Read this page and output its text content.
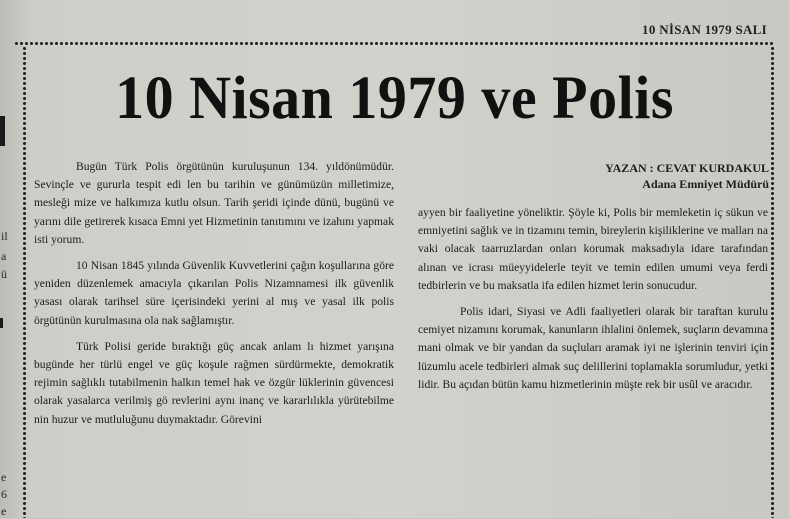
il
a
ü
e
6
e
10 NİSAN 1979 SALI
10 Nisan 1979 ve Polis
YAZAN : CEVAT KURDAKUL
Adana Emniyet Müdürü

Bugün Türk Polis örgütünün kuruluşunun 134. yıldönümüdür. Sevinçle ve gururla tespit edi len bu tarihin ve günümüzün milletimize, mesleği mize ve halkımıza kutlu olsun. Tarih şeridi içinde dünü, bugünü ve yarını dile getirerek kısaca Emni yet Hizmetinin tanıtımını ve izahını yapmak isti yorum.

10 Nisan 1845 yılında Güvenlik Kuvvetlerini çağın koşullarına göre yeniden düzenlemek amacıyla çıkarılan Polis Nizamnamesi ilk güvenlik yasası olarak tarihsel süre içerisindeki yerini al mış ve yasal ilk polis örgütünün kurulmasına ola nak sağlamıştır.

Türk Polisi geride bıraktığı güç ancak anlam lı hizmet yarışına bugünde her türlü engel ve güç koşule rağmen sürdürmekte, demokratik rejimin sağlıklı tutabilmenin halkın temel hak ve özgür lüklerinin güvencesi olarak yasalarca verilmiş gö revlerini aynı inanç ve kararlılıkla yürütebilme nin huzur ve mutluluğunu duymaktadır. Görevini

ayyen bir faaliyetine yöneliktir. Şöyle ki, Polis bir memleketin iç sükun ve emniyetini sağlık ve in tizamını temin, bireylerin kişiliklerine ve malları na vaki olacak taarruzlardan onları korumak maksadıyla idare tarafından alınan ve icrası müeyyidelerle teyit ve temin edilen umumi veya ferdi tedbirlerin ve bu maksatla ifa edilen hizmet lerin sonucudur.

Polis idari, Siyasi ve Adli faaliyetleri olarak bir taraftan kurulu cemiyet nizamını korumak, kanunların ihlalini önlemek, suçların devamına mani olmak ve bir yandan da suçluları aramak iyi ne işlerinin tenviri için lüzumlu acele tedbirleri almak suç delillerini toplamakla sorumludur, yetki lidir. Bu açıdan bütün kamu hizmetlerinin müşte rek bir usûl ve aracıdır.
